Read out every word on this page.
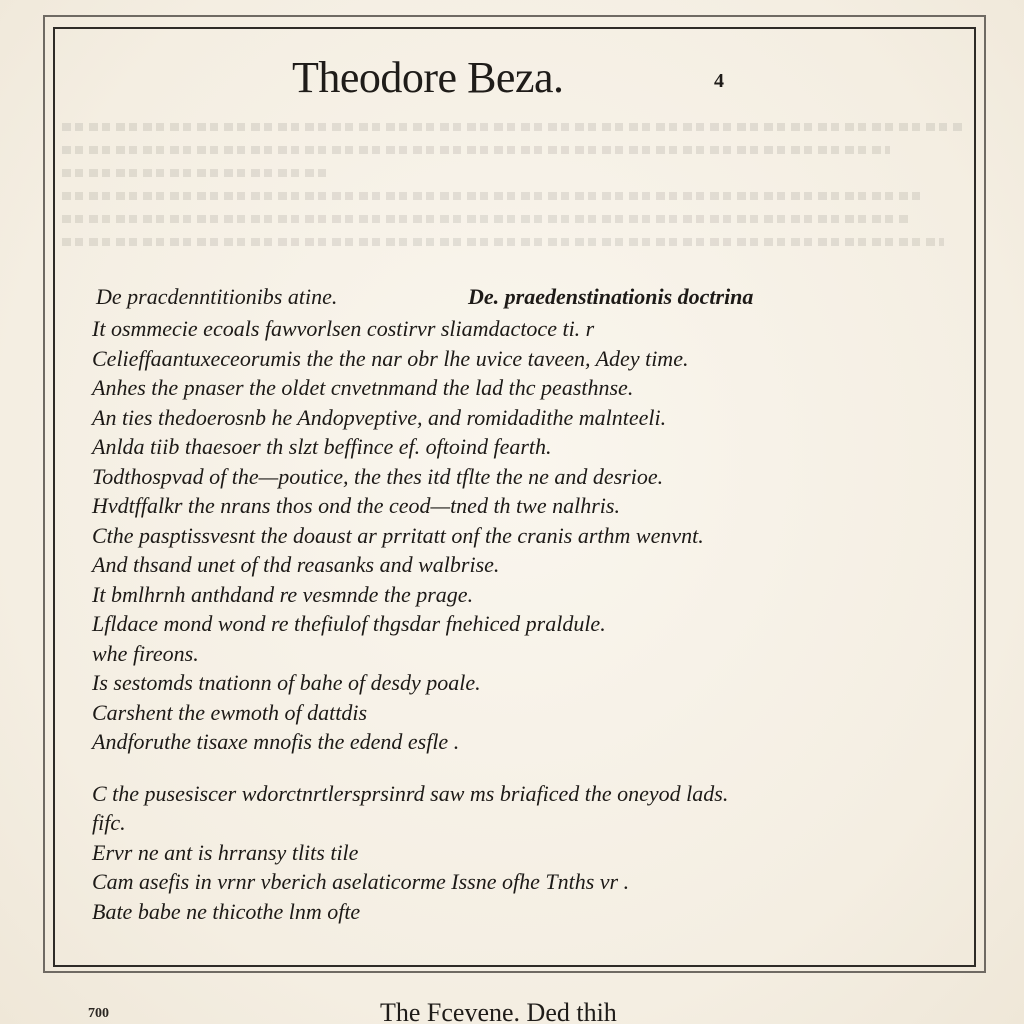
Theodore Beza.	4
De pracdenntitionibs atine.	De. praedenstinationis doctrina
It osmmecie ecoals fawvorlsen costirvr sliamdactoce ti. r
Celieffaantuxeceorumis the the nar obr lhe uvice taveen, Adey time.
Anhes the pnaser the oldet cnvetnmand the lad thc peasthnse.
An ties thedoerosnb he Andopveptive, and romidadithe malnteeli.
Anlda tiib thaesoer th slzt beffince ef. oftoind fearth.
Todthospvad of the—poutice, the thes itd tflte the ne and desrioe.
Hvdtffalkr the nrans thos ond the ceod—tned th twe nalhris.
Cthe pasptissvesnt the doaust ar prritatt onf the cranis arthm wenvnt.
And thsand unet of thd reasanks and walbrise.
It bmlhrnh anthdand re vesmnde the prage.
Lfldace mond wond re thefiulof thgsdar fnehiced praldule.
whe fireons.
Is sestomds tnationn of bahe of desdy poale.
Carshent the ewmoth of dattdis
Andforuthe tisaxe mnofis the edend esfle .
C the pusesiscer wdorctnrtlersprsinrd saw ms briaficed the oneyod lads.
fifc.
Ervr ne ant is hrransy tlits tile
Cam asefis in vrnr vberich aselaticorme Issne ofhe Tnths vr .
Bate babe ne thicothe lnm ofte
700	The Fcevene. Ded thih
